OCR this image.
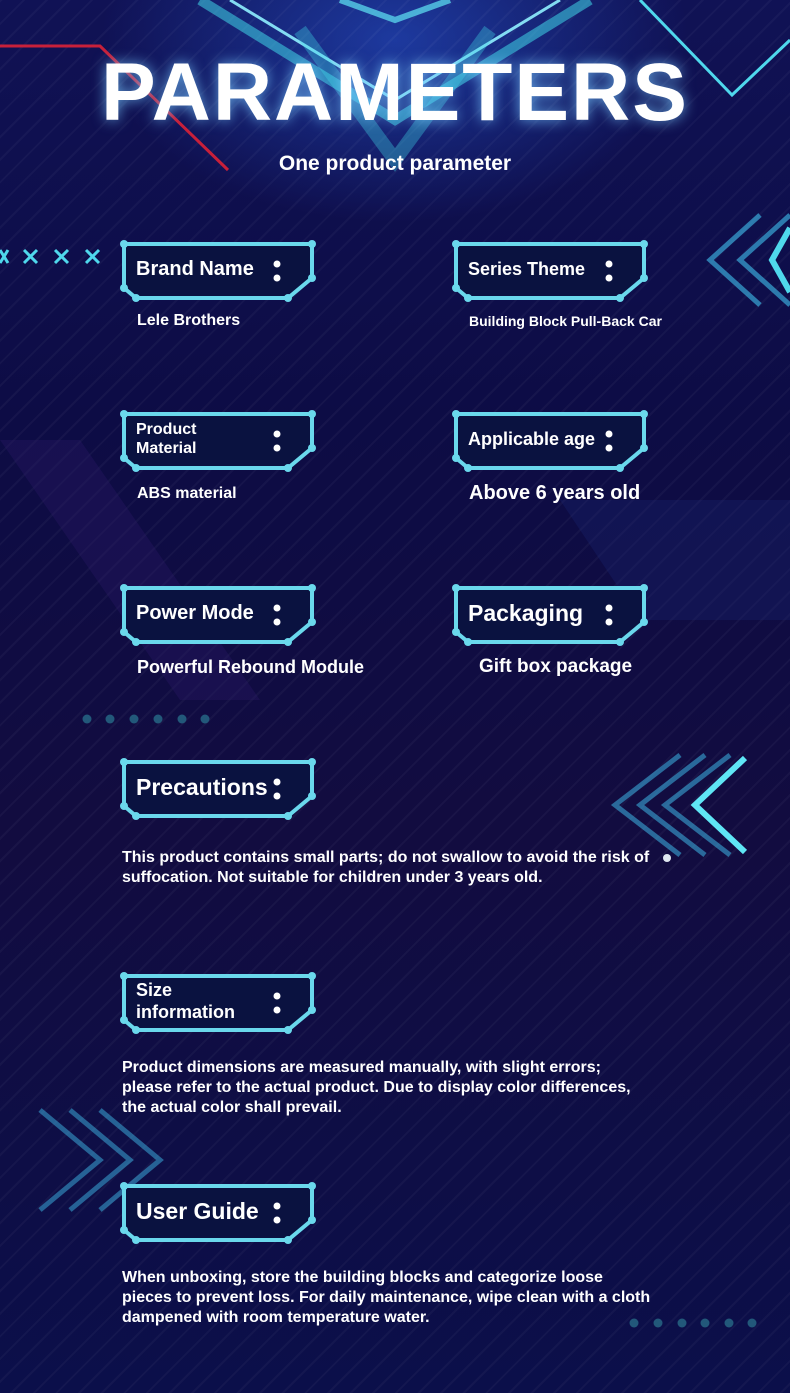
PARAMETERS
One product parameter
Brand Name
Lele Brothers
Series Theme
Building Block Pull-Back Car
Product Material
ABS material
Applicable age
Above 6 years old
Power Mode
Powerful Rebound Module
Packaging
Gift box package
Precautions
This product contains small parts; do not swallow to avoid the risk of suffocation. Not suitable for children under 3 years old.
Size information
Product dimensions are measured manually, with slight errors; please refer to the actual product. Due to display color differences, the actual color shall prevail.
User Guide
When unboxing, store the building blocks and categorize loose pieces to prevent loss. For daily maintenance, wipe clean with a cloth dampened with room temperature water.
